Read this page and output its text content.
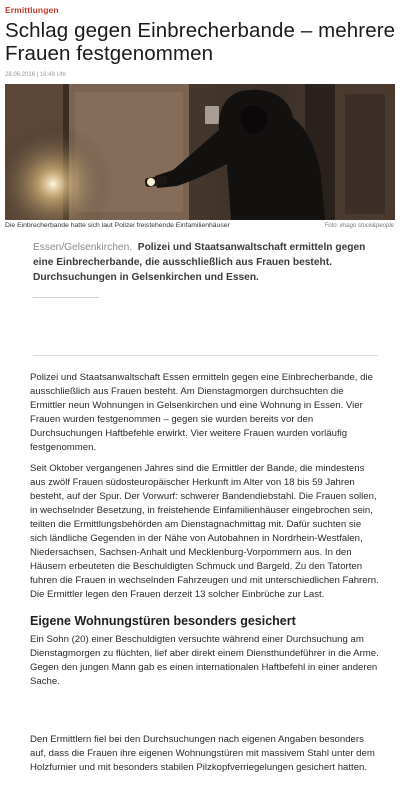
Ermittlungen
Schlag gegen Einbrecherbande – mehrere Frauen festgenommen
28.06.2016 | 16:48 Uhr
Die Einbrecherbande hatte sich laut Polizei freistehende Einfamilienhäuser	Foto: imago stock&people

Essen/Gelsenkirchen. Polizei und Staatsanwaltschaft ermitteln gegen eine Einbrecherbande, die ausschließlich aus Frauen besteht. Durchsuchungen in Gelsenkirchen und Essen.

Polizei und Staatsanwaltschaft Essen ermitteln gegen eine Einbrecherbande, die ausschließlich aus Frauen besteht. Am Dienstagmorgen durchsuchten die Ermittler neun Wohnungen in Gelsenkirchen und eine Wohnung in Essen. Vier Frauen wurden festgenommen – gegen sie wurden bereits vor den Durchsuchungen Haftbefehle erwirkt. Vier weitere Frauen wurden vorläufig festgenommen.

Seit Oktober vergangenen Jahres sind die Ermittler der Bande, die mindestens aus zwölf Frauen südosteuropäischer Herkunft im Alter von 18 bis 59 Jahren besteht, auf der Spur. Der Vorwurf: schwerer Bandendiebstahl. Die Frauen sollen, in wechselnder Besetzung, in freistehende Einfamilienhäuser eingebrochen sein, teilten die Ermittlungsbehörden am Dienstagnachmittag mit. Dafür suchten sie sich ländliche Gegenden in der Nähe von Autobahnen in Nordrhein-Westfalen, Niedersachsen, Sachsen-Anhalt und Mecklenburg-Vorpommern aus. In den Häusern erbeuteten die Beschuldigten Schmuck und Bargeld. Zu den Tatorten fuhren die Frauen in wechselnden Fahrzeugen und mit unterschiedlichen Fahrern. Die Ermittler legen den Frauen derzeit 13 solcher Einbrüche zur Last.

Eigene Wohnungstüren besonders gesichert

Ein Sohn (20) einer Beschuldigten versuchte während einer Durchsuchung am Dienstagmorgen zu flüchten, lief aber direkt einem Diensthundeführer in die Arme. Gegen den jungen Mann gab es einen internationalen Haftbefehl in einer anderen Sache.

Den Ermittlern fiel bei den Durchsuchungen nach eigenen Angaben besonders auf, dass die Frauen ihre eigenen Wohnungstüren mit massivem Stahl unter dem Holzfurnier und mit besonders stabilen Pilzkopfverriegelungen gesichert hatten.
